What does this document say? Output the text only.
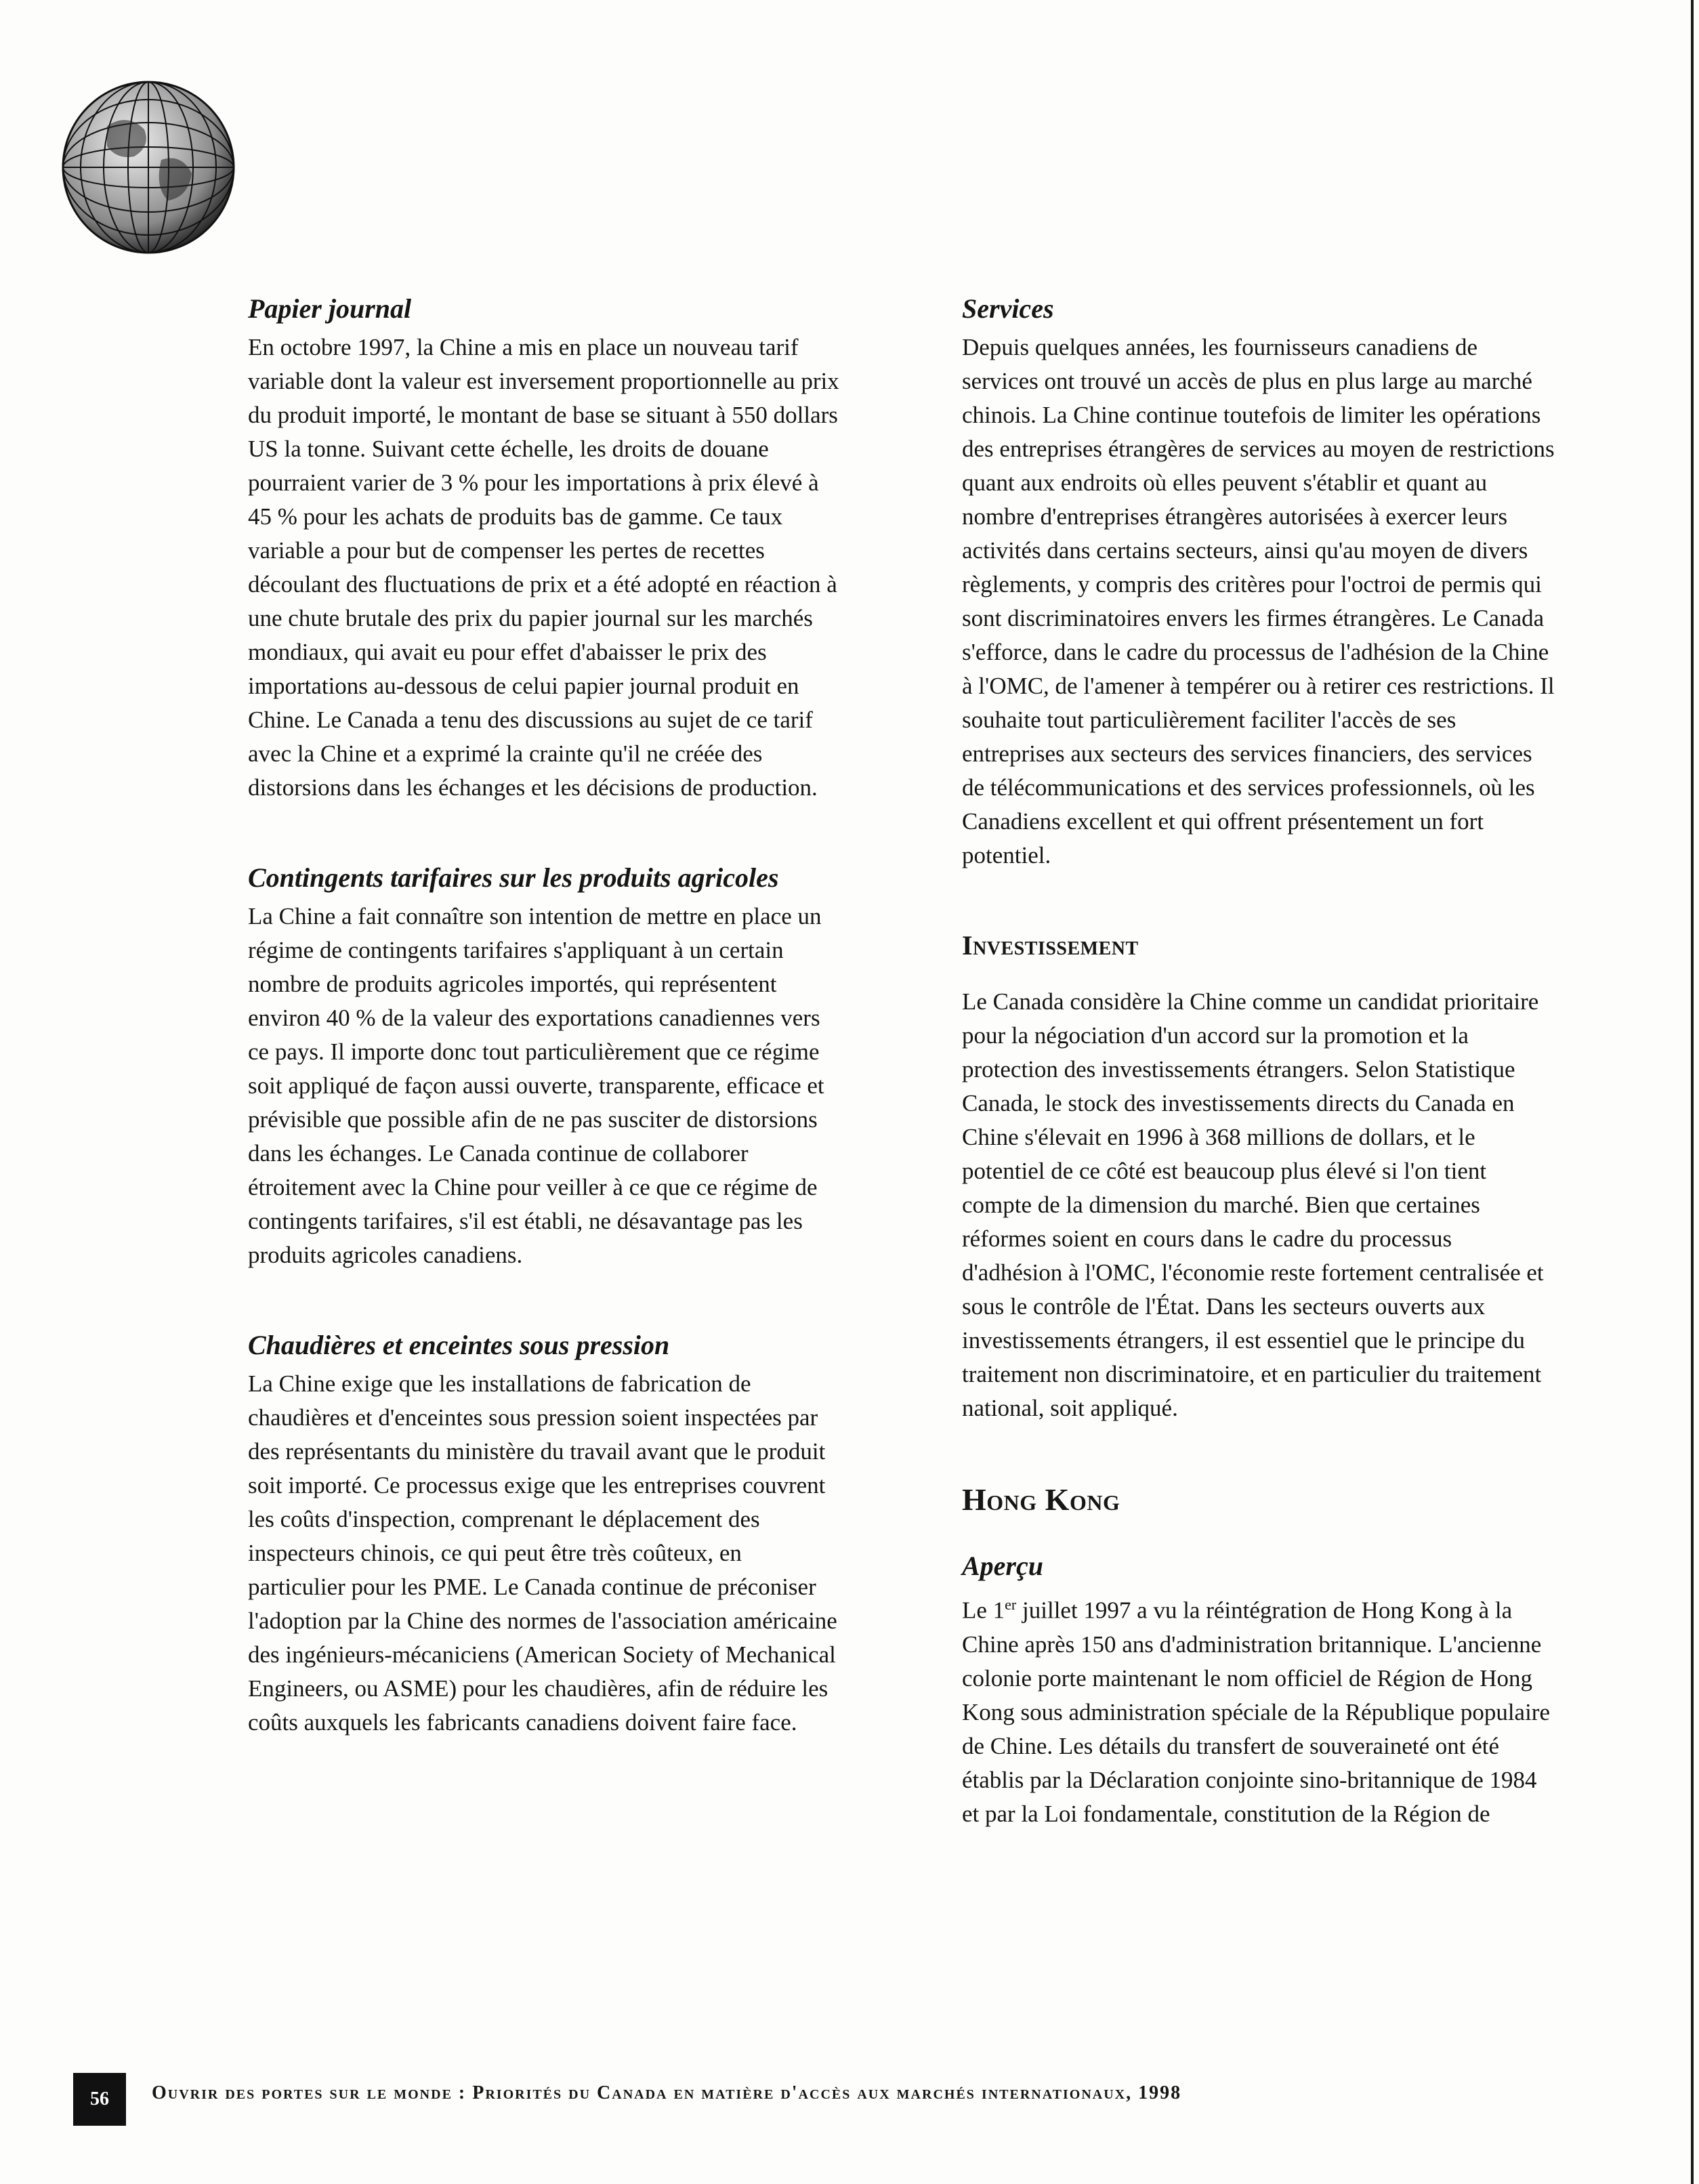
Papier journal

En octobre 1997, la Chine a mis en place un nouveau tarif variable dont la valeur est inversement proportionnelle au prix du produit importé, le montant de base se situant à 550 dollars US la tonne. Suivant cette échelle, les droits de douane pourraient varier de 3 % pour les importations à prix élevé à 45 % pour les achats de produits bas de gamme. Ce taux variable a pour but de compenser les pertes de recettes découlant des fluctuations de prix et a été adopté en réaction à une chute brutale des prix du papier journal sur les marchés mondiaux, qui avait eu pour effet d'abaisser le prix des importations au-dessous de celui papier journal produit en Chine. Le Canada a tenu des discussions au sujet de ce tarif avec la Chine et a exprimé la crainte qu'il ne créée des distorsions dans les échanges et les décisions de production.

Contingents tarifaires sur les produits agricoles

La Chine a fait connaître son intention de mettre en place un régime de contingents tarifaires s'appliquant à un certain nombre de produits agricoles importés, qui représentent environ 40 % de la valeur des exportations canadiennes vers ce pays. Il importe donc tout particulièrement que ce régime soit appliqué de façon aussi ouverte, transparente, efficace et prévisible que possible afin de ne pas susciter de distorsions dans les échanges. Le Canada continue de collaborer étroitement avec la Chine pour veiller à ce que ce régime de contingents tarifaires, s'il est établi, ne désavantage pas les produits agricoles canadiens.

Chaudières et enceintes sous pression

La Chine exige que les installations de fabrication de chaudières et d'enceintes sous pression soient inspectées par des représentants du ministère du travail avant que le produit soit importé. Ce processus exige que les entreprises couvrent les coûts d'inspection, comprenant le déplacement des inspecteurs chinois, ce qui peut être très coûteux, en particulier pour les PME. Le Canada continue de préconiser l'adoption par la Chine des normes de l'association américaine des ingénieurs-mécaniciens (American Society of Mechanical Engineers, ou ASME) pour les chaudières, afin de réduire les coûts auxquels les fabricants canadiens doivent faire face.

Services

Depuis quelques années, les fournisseurs canadiens de services ont trouvé un accès de plus en plus large au marché chinois. La Chine continue toutefois de limiter les opérations des entreprises étrangères de services au moyen de restrictions quant aux endroits où elles peuvent s'établir et quant au nombre d'entreprises étrangères autorisées à exercer leurs activités dans certains secteurs, ainsi qu'au moyen de divers règlements, y compris des critères pour l'octroi de permis qui sont discriminatoires envers les firmes étrangères. Le Canada s'efforce, dans le cadre du processus de l'adhésion de la Chine à l'OMC, de l'amener à tempérer ou à retirer ces restrictions. Il souhaite tout particulièrement faciliter l'accès de ses entreprises aux secteurs des services financiers, des services de télécommunications et des services professionnels, où les Canadiens excellent et qui offrent présentement un fort potentiel.

Investissement

Le Canada considère la Chine comme un candidat prioritaire pour la négociation d'un accord sur la promotion et la protection des investissements étrangers. Selon Statistique Canada, le stock des investissements directs du Canada en Chine s'élevait en 1996 à 368 millions de dollars, et le potentiel de ce côté est beaucoup plus élevé si l'on tient compte de la dimension du marché. Bien que certaines réformes soient en cours dans le cadre du processus d'adhésion à l'OMC, l'économie reste fortement centralisée et sous le contrôle de l'État. Dans les secteurs ouverts aux investissements étrangers, il est essentiel que le principe du traitement non discriminatoire, et en particulier du traitement national, soit appliqué.

Hong Kong
Aperçu

Le 1er juillet 1997 a vu la réintégration de Hong Kong à la Chine après 150 ans d'administration britannique. L'ancienne colonie porte maintenant le nom officiel de Région de Hong Kong sous administration spéciale de la République populaire de Chine. Les détails du transfert de souveraineté ont été établis par la Déclaration conjointe sino-britannique de 1984 et par la Loi fondamentale, constitution de la Région de

56	Ouvrir des portes sur le monde : Priorités du Canada en matière d'accès aux marchés internationaux, 1998
